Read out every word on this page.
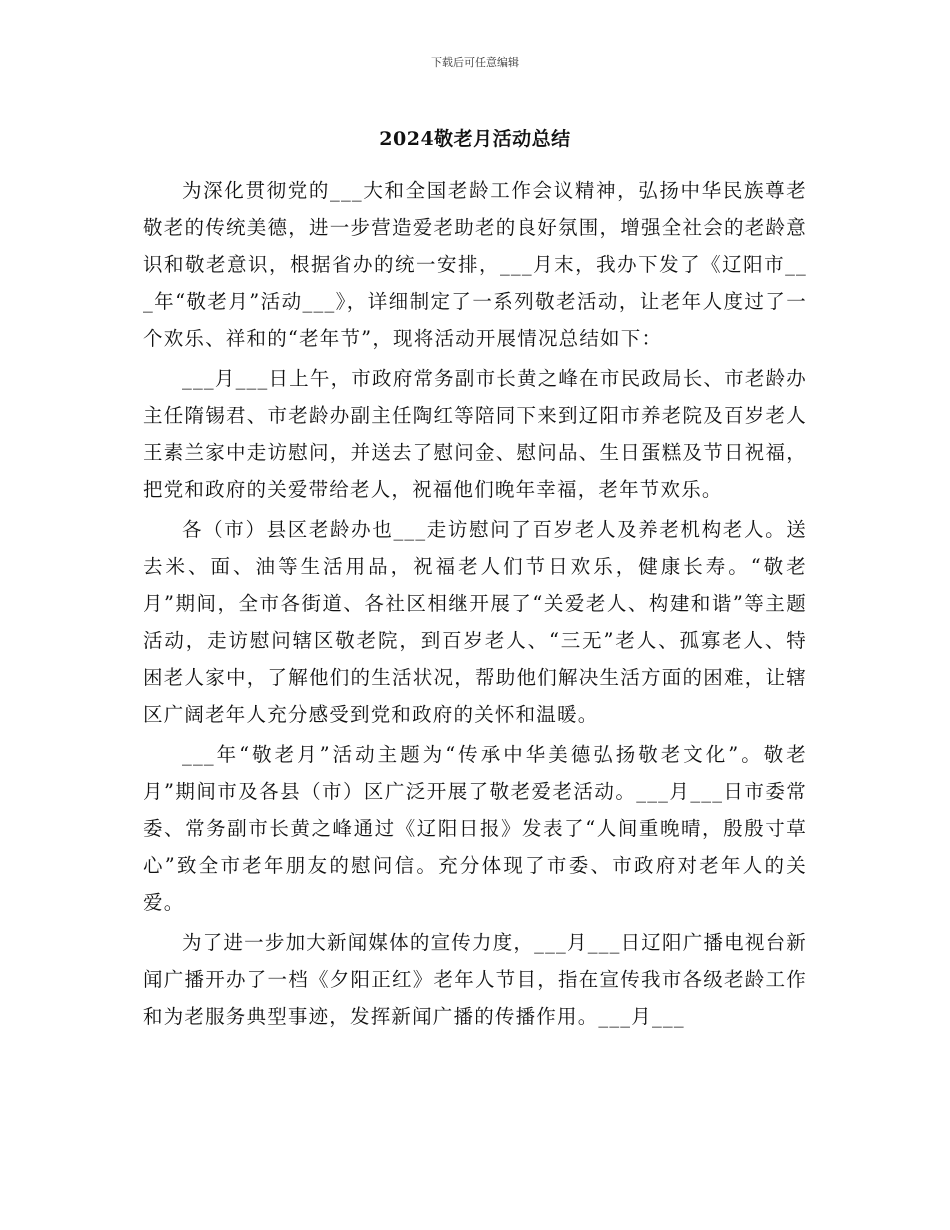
下载后可任意编辑
2024敬老月活动总结

为深化贯彻党的___大和全国老龄工作会议精神，弘扬中华民族尊老敬老的传统美德，进一步营造爱老助老的良好氛围，增强全社会的老龄意识和敬老意识，根据省办的统一安排，___月末，我办下发了《辽阳市___年“敬老月”活动___》，详细制定了一系列敬老活动，让老年人度过了一个欢乐、祥和的“老年节”，现将活动开展情况总结如下：

___月___日上午，市政府常务副市长黄之峰在市民政局长、市老龄办主任隋锡君、市老龄办副主任陶红等陪同下来到辽阳市养老院及百岁老人王素兰家中走访慰问，并送去了慰问金、慰问品、生日蛋糕及节日祝福，把党和政府的关爱带给老人，祝福他们晚年幸福，老年节欢乐。

各（市）县区老龄办也___走访慰问了百岁老人及养老机构老人。送去米、面、油等生活用品，祝福老人们节日欢乐，健康长寿。“敬老月”期间，全市各街道、各社区相继开展了“关爱老人、构建和谐”等主题活动，走访慰问辖区敬老院，到百岁老人、“三无”老人、孤寡老人、特困老人家中，了解他们的生活状况，帮助他们解决生活方面的困难，让辖区广阔老年人充分感受到党和政府的关怀和温暖。

___年“敬老月”活动主题为“传承中华美德弘扬敬老文化”。敬老月”期间市及各县（市）区广泛开展了敬老爱老活动。___月___日市委常委、常务副市长黄之峰通过《辽阳日报》发表了“人间重晚晴，殷殷寸草心”致全市老年朋友的慰问信。充分体现了市委、市政府对老年人的关爱。

为了进一步加大新闻媒体的宣传力度，___月___日辽阳广播电视台新闻广播开办了一档《夕阳正红》老年人节目，指在宣传我市各级老龄工作和为老服务典型事迹，发挥新闻广播的传播作用。___月___
